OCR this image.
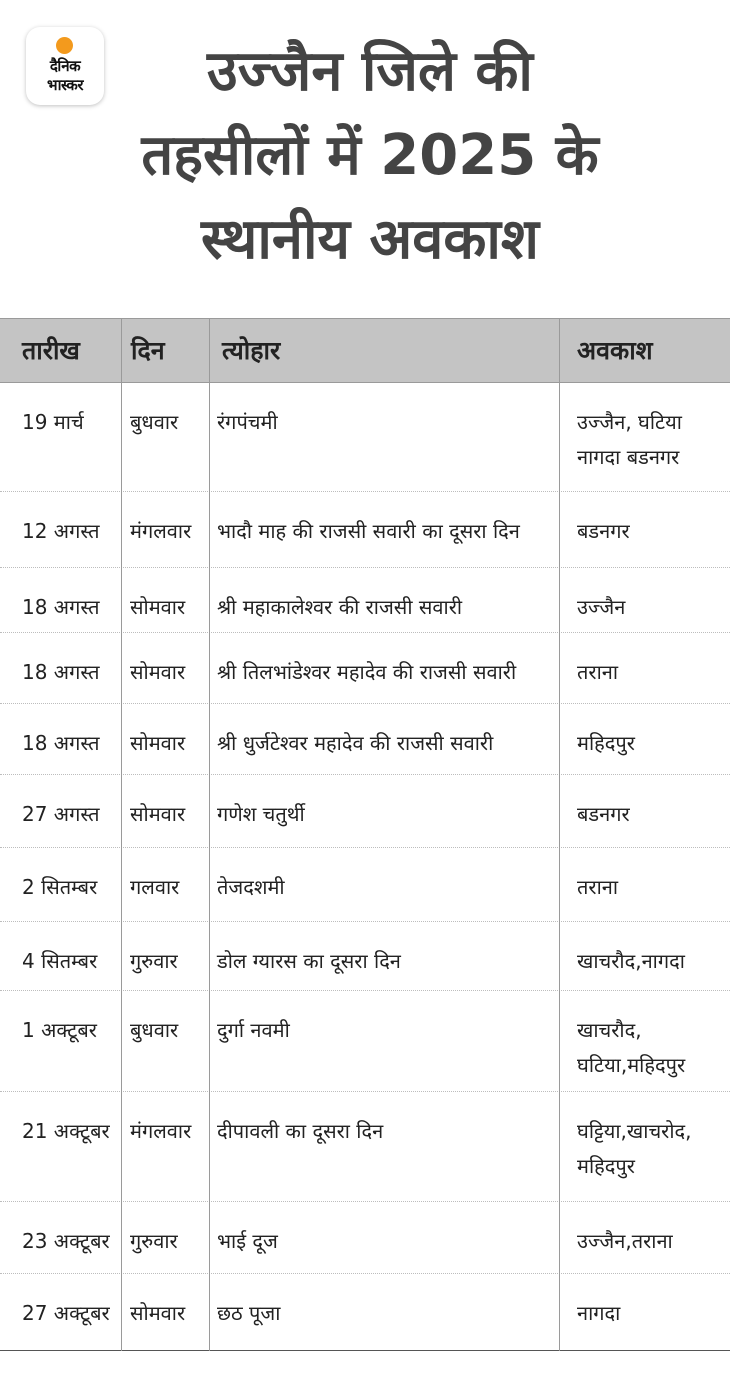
दैनिक
भास्कर	उज्जैन जिले की
तहसीलों में 2025 के
स्थानीय अवकाश
तारीख दिन त्योहार	अवकाश
19 मार्च	बुधवार	रंगपंचमी	उज्जैन, घटिया
नागदा बडनगर
12 अगस्त	मंगलवार	भादौ माह की राजसी सवारी का दूसरा दिन	बडनगर
18 अगस्त	सोमवार	श्री महाकालेश्वर की राजसी सवारी	उज्जैन
18 अगस्त	सोमवार	श्री तिलभांडेश्वर महादेव की राजसी सवारी	तराना
18 अगस्त	सोमवार	श्री धुर्जटेश्वर महादेव की राजसी सवारी	महिदपुर
27 अगस्त	सोमवार	गणेश चतुर्थी	बडनगर
2 सितम्बर	गलवार	तेजदशमी	तराना
4 सितम्बर	गुरुवार	डोल ग्यारस का दूसरा दिन	खाचरौद,नागदा
1 अक्टूबर	बुधवार	दुर्गा नवमी	खाचरौद,
घटिया,महिदपुर
21 अक्टूबर	मंगलवार	दीपावली का दूसरा दिन	घट्टिया,खाचरोद,
महिदपुर
23 अक्टूबर	गुरुवार	भाई दूज	उज्जैन,तराना
27 अक्टूबर	सोमवार	छठ पूजा	नागदा
